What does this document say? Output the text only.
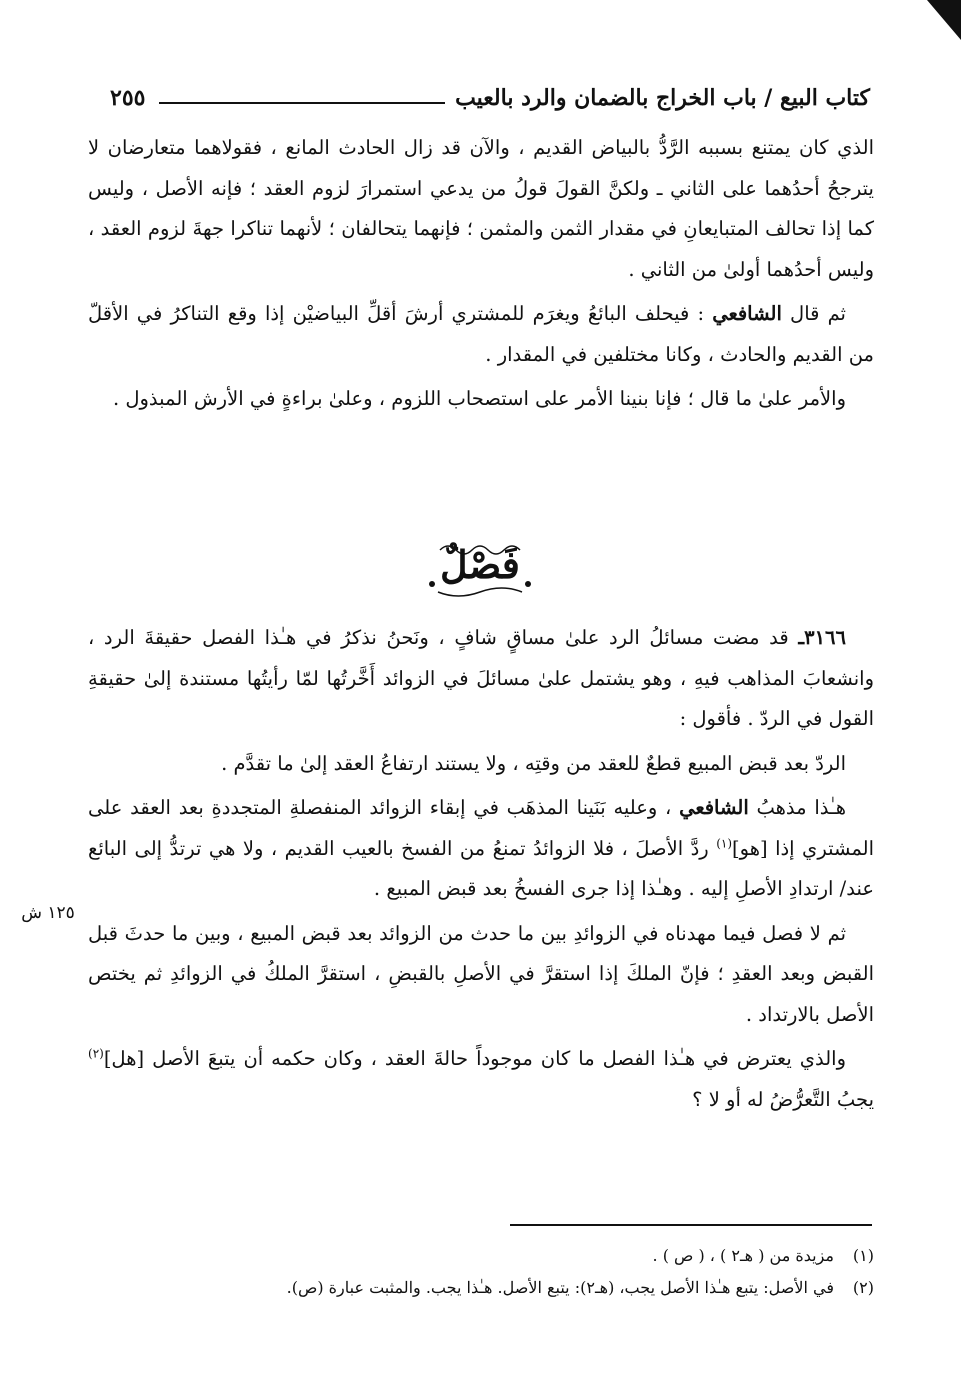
كتاب البيع / باب الخراج بالضمان والرد بالعيب
٢٥٥

الذي كان يمتنع بسببه الرَّدُّ بالبياض القديم ، والآن قد زال الحادث المانع ، فقولاهما متعارضان لا يترجحُ أحدُهما على الثاني ـ ولكنَّ القولَ قولُ من يدعي استمرارَ لزوم العقد ؛ فإنه الأصل ، وليس كما إذا تحالف المتبايعانِ في مقدار الثمن والمثمن ؛ فإنهما يتحالفان ؛ لأنهما تناكرا جهةَ لزوم العقد ، وليس أحدُهما أولىٰ من الثاني .

ثم قال الشافعي : فيحلف البائعُ ويغرَم للمشتري أرشَ أقلِّ البياضيْن إذا وقع التناكرُ في الأقلّ من القديم والحادث ، وكانا مختلفين في المقدار .

والأمر علىٰ ما قال ؛ فإنا بنينا الأمر على استصحاب اللزوم ، وعلىٰ براءةٍ في الأرش المبذول .

فَصْلٌ

٣١٦٦ـ قد مضت مسائلُ الرد علىٰ مساقٍ شافٍ ، ونَحنُ نذكرُ في هـٰذا الفصل حقيقةَ الرد ، وانشعابَ المذاهب فيهِ ، وهو يشتمل علىٰ مسائلَ في الزوائد أَخَّرتُها لمّا رأيتُها مستندة إلىٰ حقيقةِ القول في الردّ . فأقول :

الردّ بعد قبض المبيع قطعٌ للعقد من وقتِه ، ولا يستند ارتفاعُ العقد إلىٰ ما تقدَّم .

هـٰذا مذهبُ الشافعي ، وعليه بَنَينا المذهَب في إبقاء الزوائد المنفصلةِ المتجددةِ بعد العقد على المشتري إذا [هو]$^{(١)}$ ردَّ الأصلَ ، فلا الزوائدُ تمنعُ من الفسخ بالعيب القديم ، ولا هي ترتدُّ إلى البائع عند/ ارتدادِ الأصلِ إليه . وهـٰذا إذا جرى الفسخُ بعد قبض المبيع .

ثم لا فصل فيما مهدناه في الزوائدِ بين ما حدث من الزوائد بعد قبض المبيع ، وبين ما حدثَ قبل القبض وبعد العقدِ ؛ فإنّ الملكَ إذا استقرَّ في الأصلِ بالقبضِ ، استقرَّ الملكُ في الزوائدِ ثم يختص الأصل بالارتداد .

والذي يعترض في هـٰذا الفصل ما كان موجوداً حالةَ العقد ، وكان حكمه أن يتبعَ الأصل [هل]$^{(٢)}$ يجبُ التَّعرُّضُ له أو لا ؟

١٢٥ ش
(١)
مزيدة من ( هـ٢ ) ، ( ص ) .
(٢)
في الأصل: يتبع هـٰذا الأصل يجب، (هـ٢): يتبع الأصل. هـٰذا يجب. والمثبت عبارة (ص).
